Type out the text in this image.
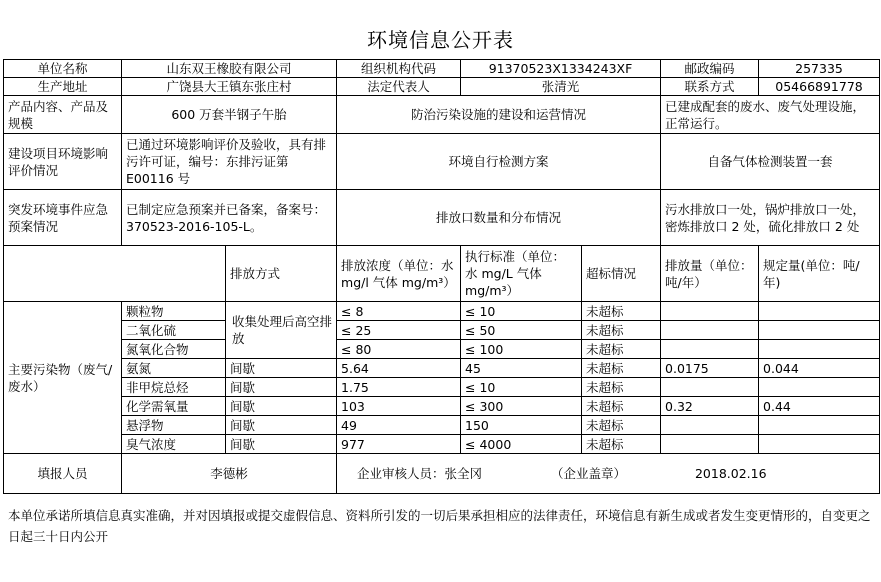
环境信息公开表
单位名称	山东双王橡胶有限公司		组织机构代码	91370523X1334243XF		邮政编码	257335
生产地址	广饶县大王镇东张庄村		法定代表人	张清光		联系方式	05466891778
产品内容、产品及规模	600 万套半钢子午胎		防治污染设施的建设和运营情况			已建成配套的废水、废气处理设施，正常运行。	
建设项目环境影响评价情况	已通过环境影响评价及验收，具有排污许可证，编号：东排污证第 E00116 号		环境自行检测方案			自备气体检测装置一套	
突发环境事件应急预案情况	已制定应急预案并已备案，备案号：370523-2016-105-L。		排放口数量和分布情况			污水排放口一处，锅炉排放口一处，密炼排放口 2 处，硫化排放口 2 处	
		排放方式	排放浓度（单位：水 mg/l 气体 mg/m³）	执行标准（单位：水 mg/L 气体 mg/m³）	超标情况	排放量（单位：吨/年）	规定量(单位：吨/年)
主要污染物（废气/废水）	颗粒物	收集处理后高空排放	≤ 8	≤ 10	未超标		
	二氧化硫		≤ 25	≤ 50	未超标		
	氮氧化合物		≤ 80	≤ 100	未超标		
	氨氮	间歇	5.64	45	未超标	0.0175	0.044
	非甲烷总烃	间歇	1.75	≤ 10	未超标		
	化学需氧量	间歇	103	≤ 300	未超标	0.32	0.44
	悬浮物	间歇	49	150	未超标		
	臭气浓度	间歇	977	≤ 4000	未超标		
填报人员	李德彬		企业审核人员：张全冈 （企业盖章） 2018.02.16				
本单位承诺所填信息真实准确，并对因填报或提交虚假信息、资料所引发的一切后果承担相应的法律责任，环境信息有新生成或者发生变更情形的，自变更之日起三十日内公开
